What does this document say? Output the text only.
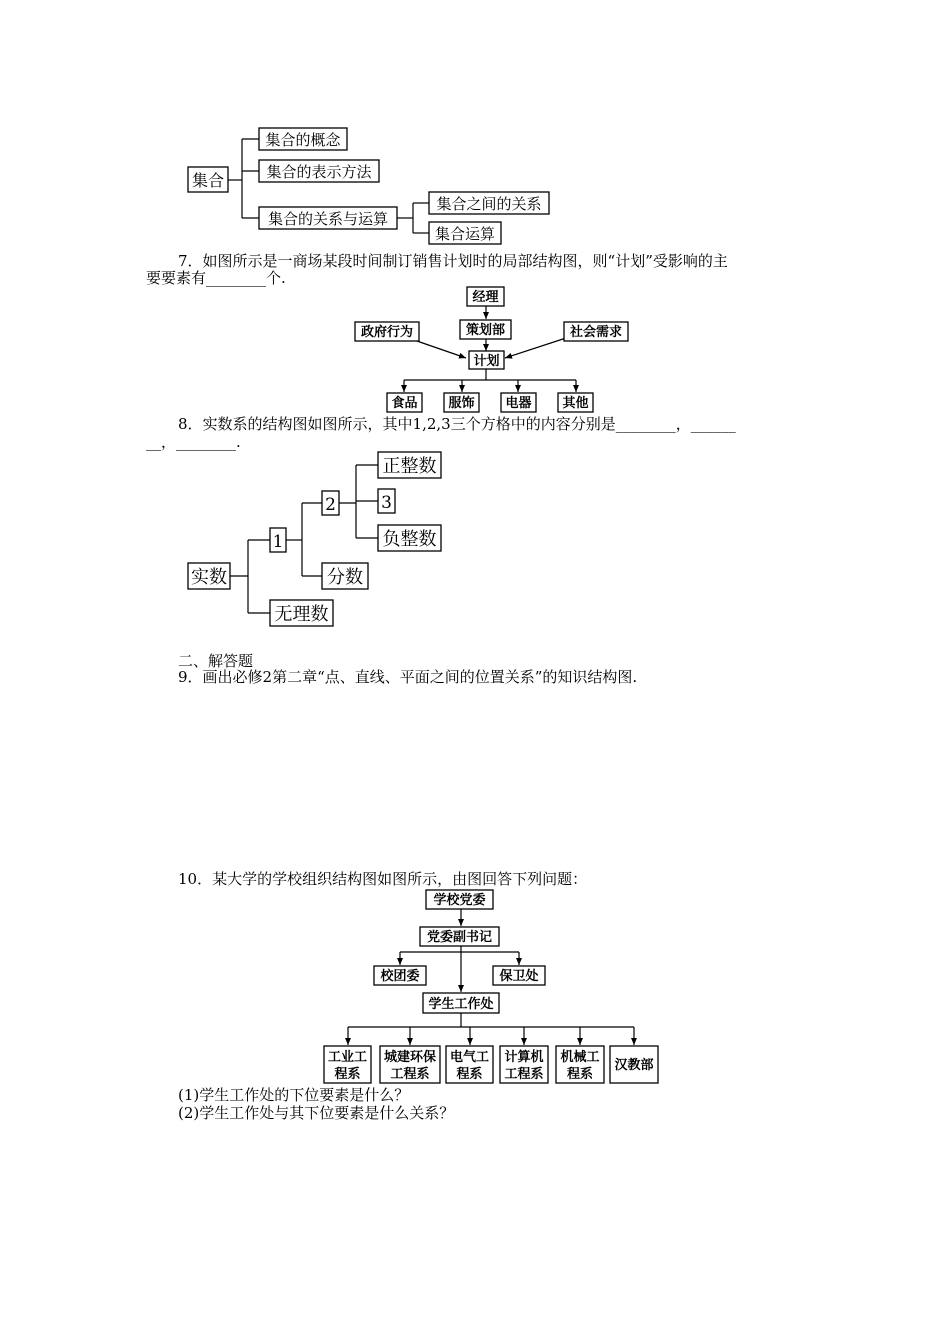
集合
集合的概念
集合的表示方法
集合的关系与运算
集合之间的关系
集合运算
7．如图所示是一商场某段时间制订销售计划时的局部结构图，则“计划”受影响的主
要要素有________个.
经理
策划部
政府行为	社会需求
计划
食品 服饰 电器 其他
8．实数系的结构图如图所示，其中1,2,3三个方格中的内容分别是________，______
__，________.
实数
1
2	3
正整数
负整数
分数
无理数
二、解答题
9．画出必修2第二章“点、直线、平面之间的位置关系”的知识结构图.
10．某大学的学校组织结构图如图所示，由图回答下列问题：
学校党委
党委副书记
校团委	保卫处
学生工作处
工业工
程系
城建环保
工程系
电气工
程系
计算机
工程系
机械工
程系
汉教部
(1)学生工作处的下位要素是什么？
(2)学生工作处与其下位要素是什么关系？
